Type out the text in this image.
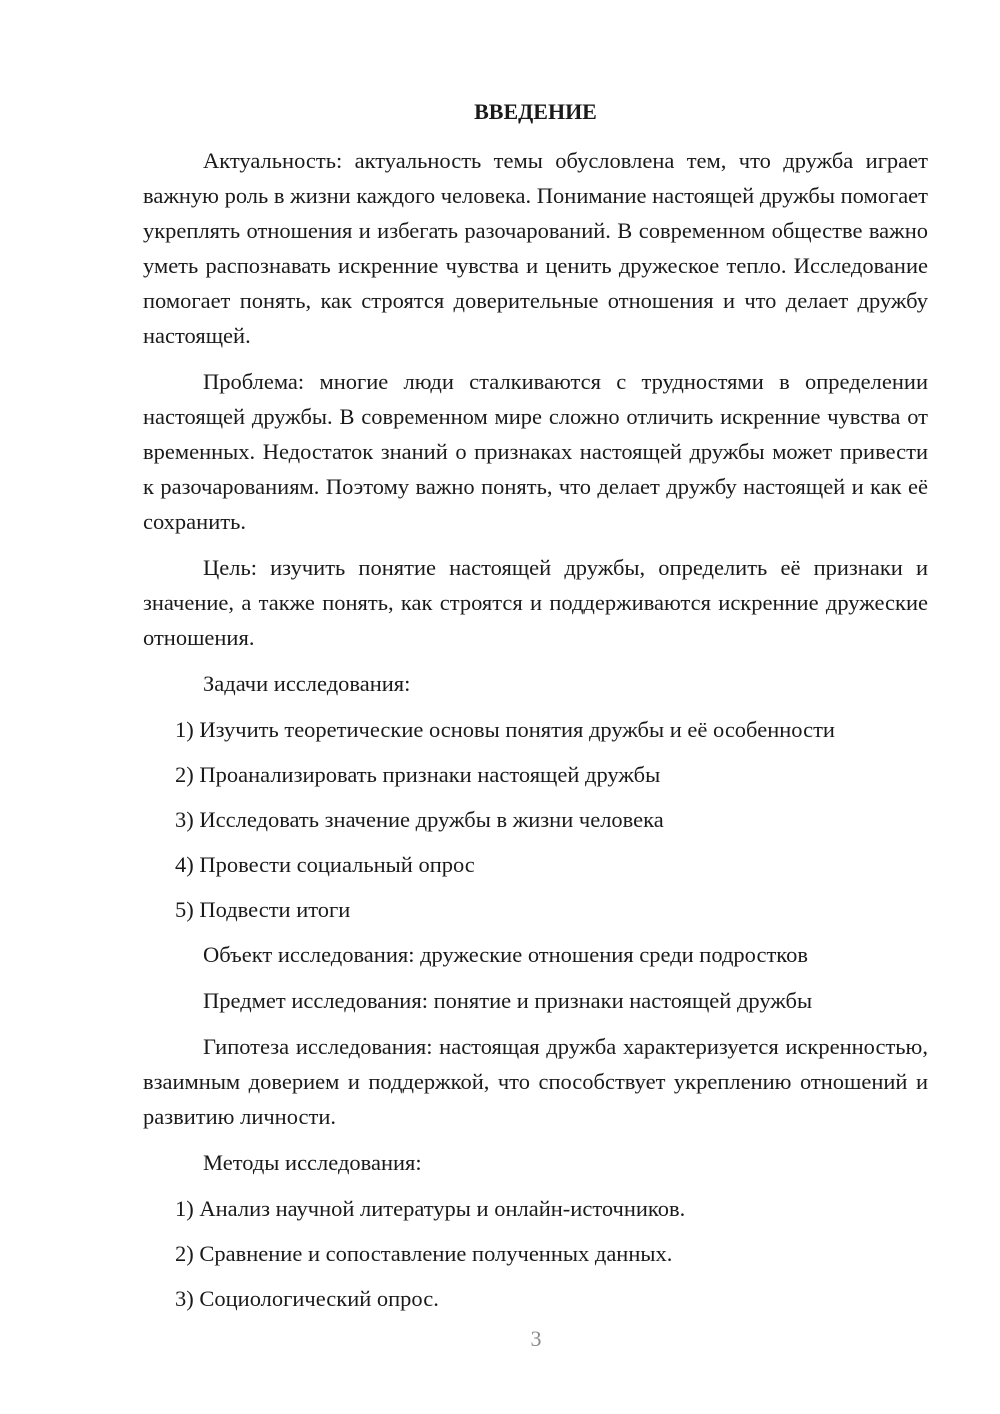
ВВЕДЕНИЕ

Актуальность: актуальность темы обусловлена тем, что дружба играет важную роль в жизни каждого человека. Понимание настоящей дружбы помогает укреплять отношения и избегать разочарований. В современном обществе важно уметь распознавать искренние чувства и ценить дружеское тепло. Исследование помогает понять, как строятся доверительные отношения и что делает дружбу настоящей.

Проблема: многие люди сталкиваются с трудностями в определении настоящей дружбы. В современном мире сложно отличить искренние чувства от временных. Недостаток знаний о признаках настоящей дружбы может привести к разочарованиям. Поэтому важно понять, что делает дружбу настоящей и как её сохранить.

Цель: изучить понятие настоящей дружбы, определить её признаки и значение, а также понять, как строятся и поддерживаются искренние дружеские отношения.

Задачи исследования:
1) Изучить теоретические основы понятия дружбы и её особенности
2) Проанализировать признаки настоящей дружбы
3) Исследовать значение дружбы в жизни человека
4) Провести социальный опрос
5) Подвести итоги
Объект исследования: дружеские отношения среди подростков
Предмет исследования: понятие и признаки настоящей дружбы

Гипотеза исследования: настоящая дружба характеризуется искренностью, взаимным доверием и поддержкой, что способствует укреплению отношений и развитию личности.

Методы исследования:
1) Анализ научной литературы и онлайн-источников.
2) Сравнение и сопоставление полученных данных.
3) Социологический опрос.
3
